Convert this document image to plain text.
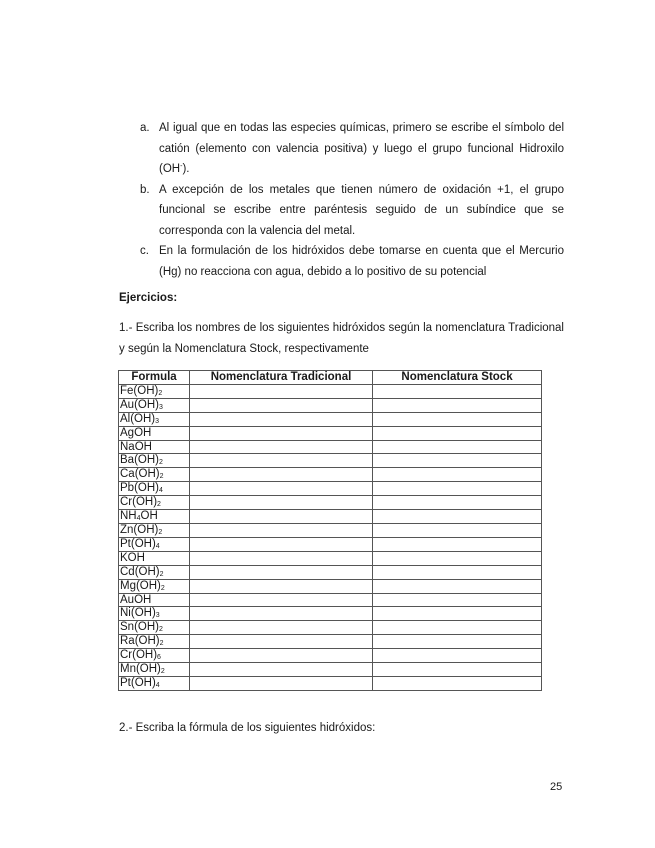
a. Al igual que en todas las especies químicas, primero se escribe el símbolo del catión (elemento con valencia positiva) y luego el grupo funcional Hidroxilo (OH-).
b. A excepción de los metales que tienen número de oxidación +1, el grupo funcional se escribe entre paréntesis seguido de un subíndice que se corresponda con la valencia del metal.
c. En la formulación de los hidróxidos debe tomarse en cuenta que el Mercurio (Hg) no reacciona con agua, debido a lo positivo de su potencial
Ejercicios:
1.- Escriba los nombres de los siguientes hidróxidos según la nomenclatura Tradicional y según la Nomenclatura Stock, respectivamente
Formula	Nomenclatura Tradicional	Nomenclatura Stock
$Fe(OH)_2$		
$Au(OH)_3$		
$Al(OH)_3$		
AgOH		
NaOH		
$Ba(OH)_2$		
$Ca(OH)_2$		
$Pb(OH)_4$		
$Cr(OH)_2$		
$NH_4OH$		
$Zn(OH)_2$		
$Pt(OH)_4$		
KOH		
$Cd(OH)_2$		
$Mg(OH)_2$		
AuOH		
$Ni(OH)_3$		
$Sn(OH)_2$		
$Ra(OH)_2$		
$Cr(OH)_6$		
$Mn(OH)_2$		
$Pt(OH)_4$		
2.- Escriba la fórmula de los siguientes hidróxidos:
25
